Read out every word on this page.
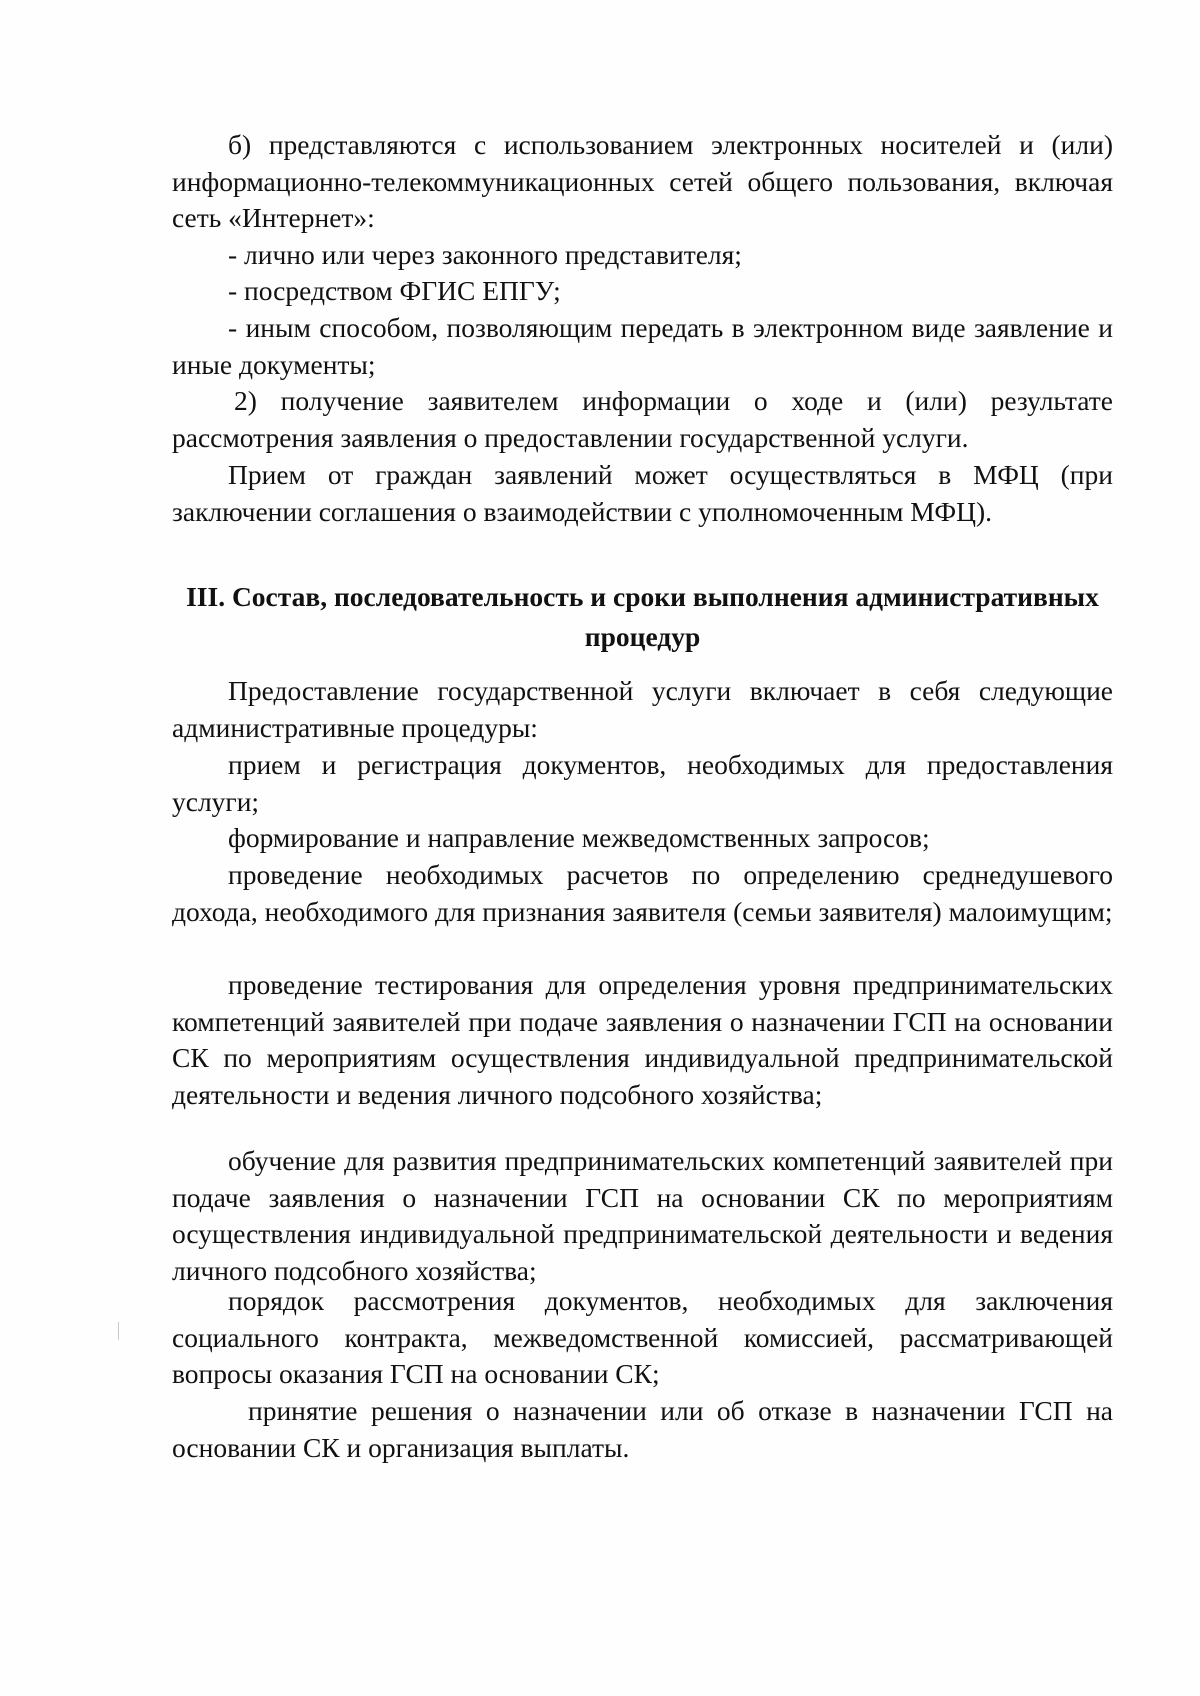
б) представляются с использованием электронных носителей и (или) информационно-телекоммуникационных сетей общего пользования, включая сеть «Интернет»:

- лично или через законного представителя;

- посредством ФГИС ЕПГУ;

- иным способом, позволяющим передать в электронном виде заявление и иные документы;

2) получение заявителем информации о ходе и (или) результате рассмотрения заявления о предоставлении государственной услуги.

Прием от граждан заявлений может осуществляться в МФЦ (при заключении соглашения о взаимодействии с уполномоченным МФЦ).

III. Состав, последовательность и сроки выполнения административных процедур

Предоставление государственной услуги включает в себя следующие административные процедуры:

прием и регистрация документов, необходимых для предоставления услуги;

формирование и направление межведомственных запросов;

проведение необходимых расчетов по определению среднедушевого дохода, необходимого для признания заявителя (семьи заявителя) малоимущим;

проведение тестирования для определения уровня предпринимательских компетенций заявителей при подаче заявления о назначении ГСП на основании СК по мероприятиям осуществления индивидуальной предпринимательской деятельности и ведения личного подсобного хозяйства;

обучение для развития предпринимательских компетенций заявителей при подаче заявления о назначении ГСП на основании СК по мероприятиям осуществления индивидуальной предпринимательской деятельности и ведения личного подсобного хозяйства;

порядок рассмотрения документов, необходимых для заключения социального контракта, межведомственной комиссией, рассматривающей вопросы оказания ГСП на основании СК;

принятие решения о назначении или об отказе в назначении ГСП на основании СК и организация выплаты.
